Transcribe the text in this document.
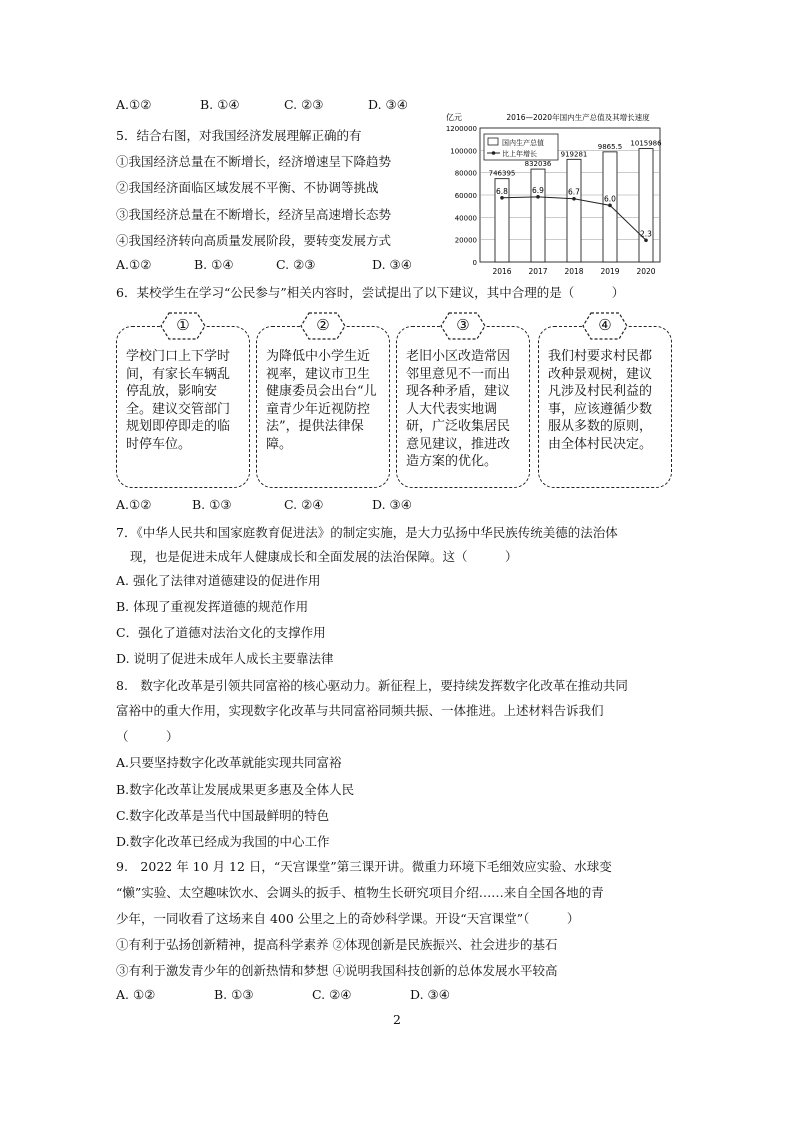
A.①②	B. ①④	C. ②③	D. ③④
5．结合右图，对我国经济发展理解正确的有
①我国经济总量在不断增长，经济增速呈下降趋势
②我国经济面临区域发展不平衡、不协调等挑战
③我国经济总量在不断增长，经济呈高速增长态势
④我国经济转向高质量发展阶段，要转变发展方式
A.①②	B. ①④	C. ②③	D. ③④
亿元	2016—2020年国内生产总值及其增长速度
1200000
100000
80000
60000
40000
20000
0
746395
2016
832036
2017
919281
2018
9865.5
2019
1015986
2020
6.8	6.9	6.7
6.0
2.3
国内生产总值
比上年增长
6．某校学生在学习“公民参与”相关内容时，尝试提出了以下建议，其中合理的是（　　　）
①
学校门口上下学时间，有家长车辆乱停乱放，影响安全。建议交管部门规划即停即走的临时停车位。
②
为降低中小学生近视率，建议市卫生健康委员会出台“儿童青少年近视防控法”，提供法律保障。
③
老旧小区改造常因邻里意见不一而出现各种矛盾，建议人大代表实地调研，广泛收集居民意见建议，推进改造方案的优化。
④
我们村要求村民都改种景观树，建议凡涉及村民利益的事，应该遵循少数服从多数的原则，由全体村民决定。
A.①②	B. ①③	C. ②④	D. ③④
7．《中华人民共和国家庭教育促进法》的制定实施，是大力弘扬中华民族传统美德的法治体
现，也是促进未成年人健康成长和全面发展的法治保障。这（　　　）
A. 强化了法律对道德建设的促进作用
B. 体现了重视发挥道德的规范作用
C．强化了道德对法治文化的支撑作用
D. 说明了促进未成年人成长主要靠法律
8.　数字化改革是引领共同富裕的核心驱动力。新征程上，要持续发挥数字化改革在推动共同
富裕中的重大作用，实现数字化改革与共同富裕同频共振、一体推进。上述材料告诉我们
（　　　）
A.只要坚持数字化改革就能实现共同富裕
B.数字化改革让发展成果更多惠及全体人民
C.数字化改革是当代中国最鲜明的特色
D.数字化改革已经成为我国的中心工作
9.　2022 年 10 月 12 日，“天宫课堂”第三课开讲。微重力环境下毛细效应实验、水球变
“懒”实验、太空趣味饮水、会调头的扳手、植物生长研究项目介绍……来自全国各地的青
少年，一同收看了这场来自 400 公里之上的奇妙科学课。开设“天宫课堂”（　　　）
①有利于弘扬创新精神，提高科学素养 ②体现创新是民族振兴、社会进步的基石
③有利于激发青少年的创新热情和梦想 ④说明我国科技创新的总体发展水平较高
A. ①②	B. ①③	C. ②④	D. ③④
2
